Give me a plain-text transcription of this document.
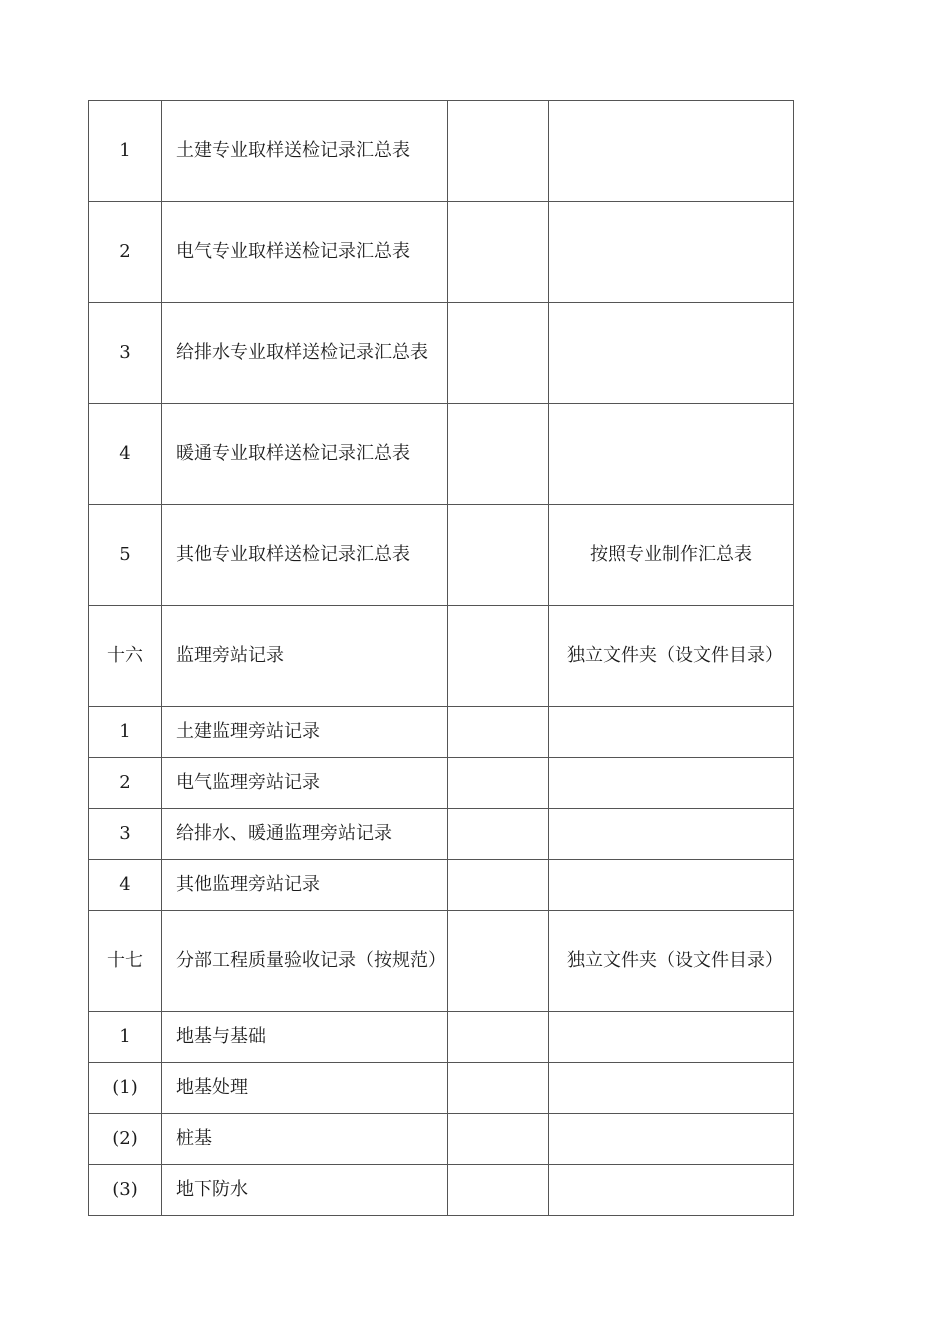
1	土建专业取样送检记录汇总表		
2	电气专业取样送检记录汇总表		
3	给排水专业取样送检记录汇总表		
4	暖通专业取样送检记录汇总表		
5	其他专业取样送检记录汇总表		按照专业制作汇总表
十六	监理旁站记录		独立文件夹（设文件目录）
1	土建监理旁站记录		
2	电气监理旁站记录		
3	给排水、暖通监理旁站记录		
4	其他监理旁站记录		
十七	分部工程质量验收记录（按规范）		独立文件夹（设文件目录）
1	地基与基础		
(1)	地基处理		
(2)	桩基		
(3)	地下防水		
